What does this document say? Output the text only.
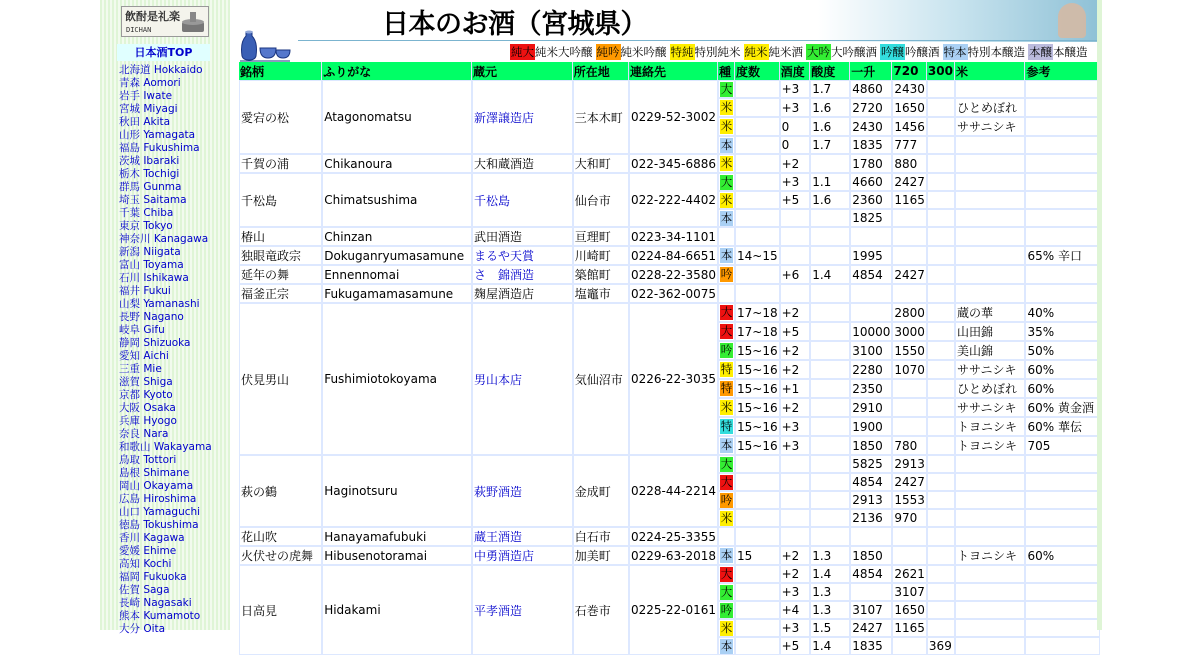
飲酎是礼楽
DICHAN
日本酒TOP
北海道 Hokkaido
青森 Aomori
岩手 Iwate
宮城 Miyagi
秋田 Akita
山形 Yamagata
福島 Fukushima
茨城 Ibaraki
栃木 Tochigi
群馬 Gunma
埼玉 Saitama
千葉 Chiba
東京 Tokyo
神奈川 Kanagawa
新潟 Niigata
富山 Toyama
石川 Ishikawa
福井 Fukui
山梨 Yamanashi
長野 Nagano
岐阜 Gifu
静岡 Shizuoka
愛知 Aichi
三重 Mie
滋賀 Shiga
京都 Kyoto
大阪 Osaka
兵庫 Hyogo
奈良 Nara
和歌山 Wakayama
鳥取 Tottori
島根 Shimane
岡山 Okayama
広島 Hiroshima
山口 Yamaguchi
徳島 Tokushima
香川 Kagawa
愛媛 Ehime
高知 Kochi
福岡 Fukuoka
佐賀 Saga
長崎 Nagasaki
熊本 Kumamoto
大分 Oita
日本のお酒（宮城県）
純大 純米大吟醸 純吟 純米吟醸 特純 特別純米 純米 純米酒 大吟 大吟醸酒 吟醸 吟醸酒 特本 特別本醸造 本醸 本醸造
銘柄	ふりがな	蔵元	所在地	連絡先	種	度数	酒度	酸度	一升	720	300	米	参考
愛宕の松	Atagonomatsu	新澤譲造店	三本木町	0229-52-3002	大		+3	1.7	4860	2430			
					米		+3	1.6	2720	1650		ひとめぼれ	
					米		0	1.6	2430	1456		ササニシキ	
					本		0	1.7	1835	777			
千賀の浦	Chikanoura	大和蔵酒造	大和町	022-345-6886	米		+2		1780	880			
千松島	Chimatsushima	千松島	仙台市	022-222-4402	大		+3	1.1	4660	2427			
					米		+5	1.6	2360	1165			
					本				1825				
椿山	Chinzan	武田酒造	亘理町	0223-34-1101									
独眼竜政宗	Dokuganryumasamune	まるや天賞	川崎町	0224-84-6651	本	14~15			1995				65% 辛口
延年の舞	Ennennomai	さ　錦酒造	築館町	0228-22-3580	吟		+6	1.4	4854	2427			
福釜正宗	Fukugamamasamune	麹屋酒造店	塩竈市	022-362-0075									
伏見男山	Fushimiotokoyama	男山本店	気仙沼市	0226-22-3035	大	17~18	+2			2800		蔵の華	40%
					大	17~18	+5		10000	3000		山田錦	35%
					吟	15~16	+2		3100	1550		美山錦	50%
					特	15~16	+2		2280	1070		ササニシキ	60%
					特	15~16	+1		2350			ひとめぼれ	60%
					米	15~16	+2		2910			ササニシキ	60% 黄金酒
					特	15~16	+3		1900			トヨニシキ	60% 華伝
					本	15~16	+3		1850	780		トヨニシキ	705
萩の鶴	Haginotsuru	萩野酒造	金成町	0228-44-2214	大				5825	2913			
					大				4854	2427			
					吟				2913	1553			
					米				2136	970			
花山吹	Hanayamafubuki	蔵王酒造	白石市	0224-25-3355									
火伏せの虎舞	Hibusenotoramai	中勇酒造店	加美町	0229-63-2018	本	15	+2	1.3	1850			トヨニシキ	60%
日高見	Hidakami	平孝酒造	石巻市	0225-22-0161	大		+2	1.4	4854	2621			
					大		+3	1.3		3107			
					吟		+4	1.3	3107	1650			
					米		+3	1.5	2427	1165			
					本		+5	1.4	1835		369		
